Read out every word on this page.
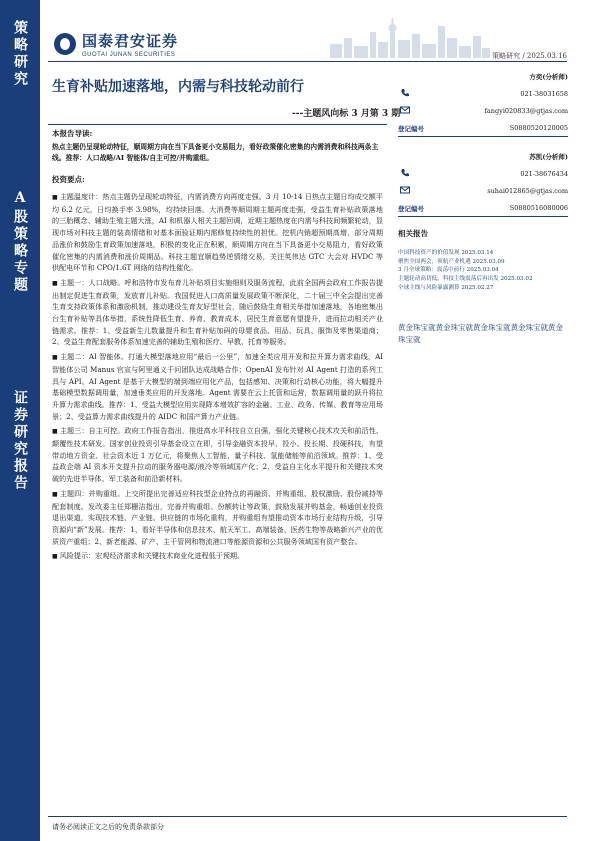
策略研究
A股策略专题
证券研究报告
国泰君安证券
GUOTAI JUNAN SECURITIES	策略研究 / 2025.03.16
生育补贴加速落地，内需与科技轮动前行
---主题风向标 3 月第 3 期
本报告导读:
热点主题仍呈现轮动特征，顺周期方向在当下具备更小交易阻力，看好政策催化密集的内需消费和科技两条主线。推荐：人口战略/AI 智能体/自主可控/并购重组。
投资要点:

■ 主题温度计：热点主题仍呈现轮动特征，内需消费方向再度走强。3 月 10-14 日热点主题日均成交额平均 6.2 亿元，日均换手率 3.98%，均持续回落。大消费等顺周期主题再度走强，受益生育补贴政策落地的三胎概念、辅助生殖主题大涨，AI 和机器人相关主题回调，近期主题热度在内需与科技间频繁轮动，显现市场对科技主题的装高情绪和对基本面验证期内需修复持续性的担忧。挖机内销超预期高增、部分周期品涨价和鼓励生育政策加速落地，积极的变化正在积累，顺周期方向在当下具备更小交易阻力，看好政策催化密集的内需消费和涨价周期品。科技主题宜顺趋势逆情绪交易，关注英伟达 GTC 大会对 HVDC 等供配电环节和 CPO/1.6T 网络的结构性催化。

■ 主题一：人口战略。呼和浩特市发布育儿补贴项目实施细则及服务流程，此前全国两会政府工作报告提出制定促进生育政策，发放育儿补贴。我国促进人口高质量发展政策不断深化，二十届三中全会提出完善生育支持政策体系和激励机制，推动建设生育友好型社会，随后鼓励生育相关举措加速落地，各地密集出台生育补贴等具体举措，系统性降低生育、养育、教育成本，居民生育意愿有望提升，进而拉动相关产业链需求。推荐：1、受益新生儿数量提升和生育补贴加码的母婴食品、用品、玩具、服饰及零售渠道商；2、受益生育配套服务体系加速完善的辅助生殖和医疗、早教、托育等服务。

■ 主题二：AI 智能体。打通大模型落地应用“最后一公里”，加速全类应用开发和拉升算力需求曲线，AI 智能体公司 Manus 官宣与阿里通义千问团队达成战略合作；OpenAI 发布针对 AI Agent 打造的系列工具与 API。AI Agent 是基于大模型的端到端应用化产品，包括感知、决策和行动核心功能，将大幅提升基础模型数据调用量，加速垂类应用的开发落地。Agent 需要在云上托管和运营，数据调用量的跃升将拉升算力需求曲线。推荐：1、受益大模型应用实现降本增效扩容的金融、工业、政务、传媒、教育等应用场景；2、受益算力需求曲线提升的 AIDC 和国产算力产业链。

■ 主题三：自主可控。政府工作报告指出，推进高水平科技自立自强，强化关键核心技术攻关和前沿性、颠覆性技术研发。国家创业投资引导基金设立在即，引导金融资本投早、投小、投长期、投硬科技，有望带动地方资金、社会资本近 1 万亿元，将聚焦人工智能、量子科技、氢能储能等前沿领域。推荐：1、受益政企端 AI 资本开支提升拉动的服务器电源/液冷等领域国产化；2、受益自主化水平提升和关键技术突破的先进半导体、军工装备和前沿新材料。

■ 主题四：并购重组。上交所提出完善适应科技型企业特点的再融资、并购重组、股权激励、股份减持等配套制度。发改委主任郑栅洁指出，完善并购重组、份额转让等政策，鼓励发展并购基金，畅通创业投资退出渠道，实现技术链、产业链、供应链的市场化重构，并购重组有望推动资本市场行业结构升级，引导资源向“新”发展。推荐：1、看好半导体和信息技术、航天军工、高端装备、医药生物等战略新兴产业的优质资产重组；2、新老能源、矿产、主干管网和物流港口等能源资源和公共服务领域国有资产整合。

■ 风险提示：宏观经济需求和关键技术商业化进程低于预期。

方奕(分析师)
021-38031658
fangyi020833@gtjas.com
登记编号	S0880520120005
苏凯(分析师)
021-38676434
suhai012865@gtjas.com
登记编号	S0880516080006
相关报告
中国科技资产的价值发现 2025.03.14
聚焦全国两会，领航产业机遇 2025.03.09
3 月全球策略：震荡中前行 2025.03.04
主题轮动高切低，科技主线震荡后再出发 2025.03.02
全球主线与风险暴露测算 2025.02.27
黄金珠宝就黄金珠宝就黄金珠宝就黄金珠宝就黄金珠宝就
请务必阅读正文之后的免责条款部分
